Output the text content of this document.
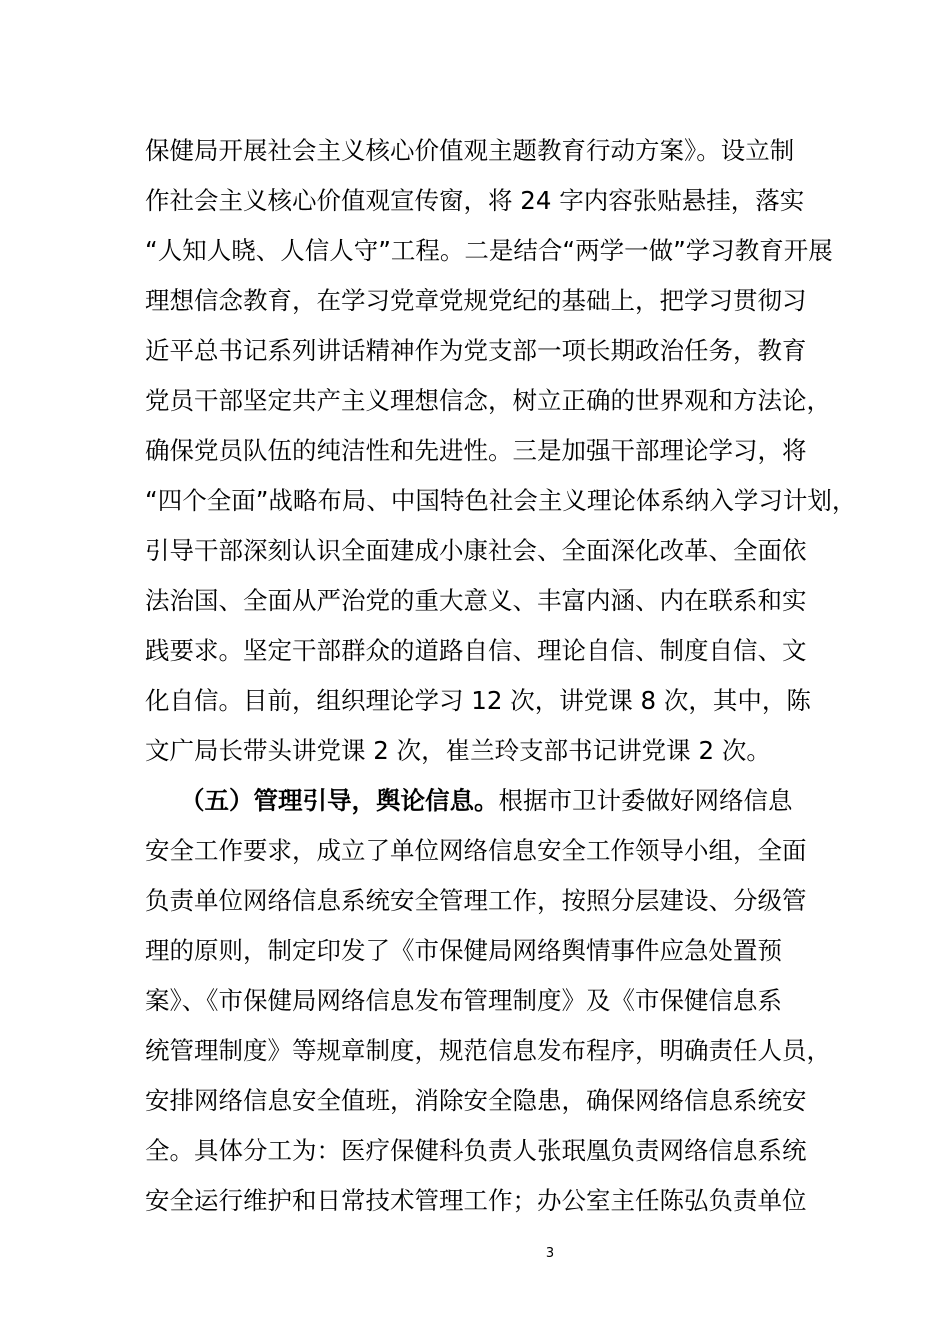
保健局开展社会主义核心价值观主题教育行动方案》。设立制
作社会主义核心价值观宣传窗，将 24 字内容张贴悬挂，落实
“人知人晓、人信人守”工程。二是结合“两学一做”学习教育开展
理想信念教育，在学习党章党规党纪的基础上，把学习贯彻习
近平总书记系列讲话精神作为党支部一项长期政治任务，教育
党员干部坚定共产主义理想信念，树立正确的世界观和方法论，
确保党员队伍的纯洁性和先进性。三是加强干部理论学习，将
“四个全面”战略布局、中国特色社会主义理论体系纳入学习计划，
引导干部深刻认识全面建成小康社会、全面深化改革、全面依
法治国、全面从严治党的重大意义、丰富内涵、内在联系和实
践要求。坚定干部群众的道路自信、理论自信、制度自信、文
化自信。目前，组织理论学习 12 次，讲党课 8 次，其中，陈
文广局长带头讲党课 2 次，崔兰玲支部书记讲党课 2 次。
（五）管理引导，舆论信息。根据市卫计委做好网络信息
安全工作要求，成立了单位网络信息安全工作领导小组，全面
负责单位网络信息系统安全管理工作，按照分层建设、分级管
理的原则，制定印发了《市保健局网络舆情事件应急处置预
案》、《市保健局网络信息发布管理制度》及《市保健信息系
统管理制度》等规章制度，规范信息发布程序，明确责任人员，
安排网络信息安全值班，消除安全隐患，确保网络信息系统安
全。具体分工为：医疗保健科负责人张珉凰负责网络信息系统
安全运行维护和日常技术管理工作；办公室主任陈弘负责单位
3
